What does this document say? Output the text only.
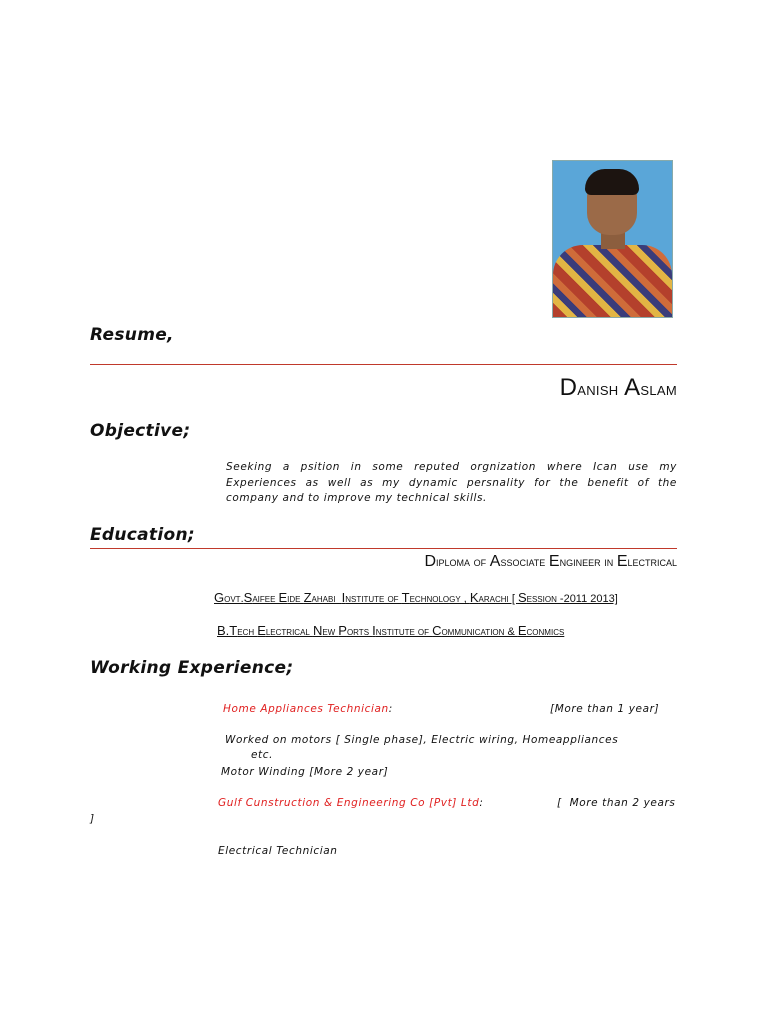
Resume,
Danish Aslam
Objective;
Seeking a psition in some reputed orgnization where Ican use my Experiences as well as my dynamic persnality for the benefit of the company and to improve my technical skills.
Education;
Diploma of Associate Engineer in Electrical
Govt.Saifee Eide Zahabi  Institute of Technology , Karachi [ Session -2011 2013]
B.Tech Electrical New Ports Institute of Communication & Econmics
Working Experience;
Home Appliances Technician:	[More than 1 year]
Worked on motors [ Single phase], Electric wiring, Homeappliances
etc.
Motor Winding [More 2 year]
Gulf Cunstruction & Engineering Co [Pvt] Ltd:	[  More than 2 years
]
Electrical Technician
